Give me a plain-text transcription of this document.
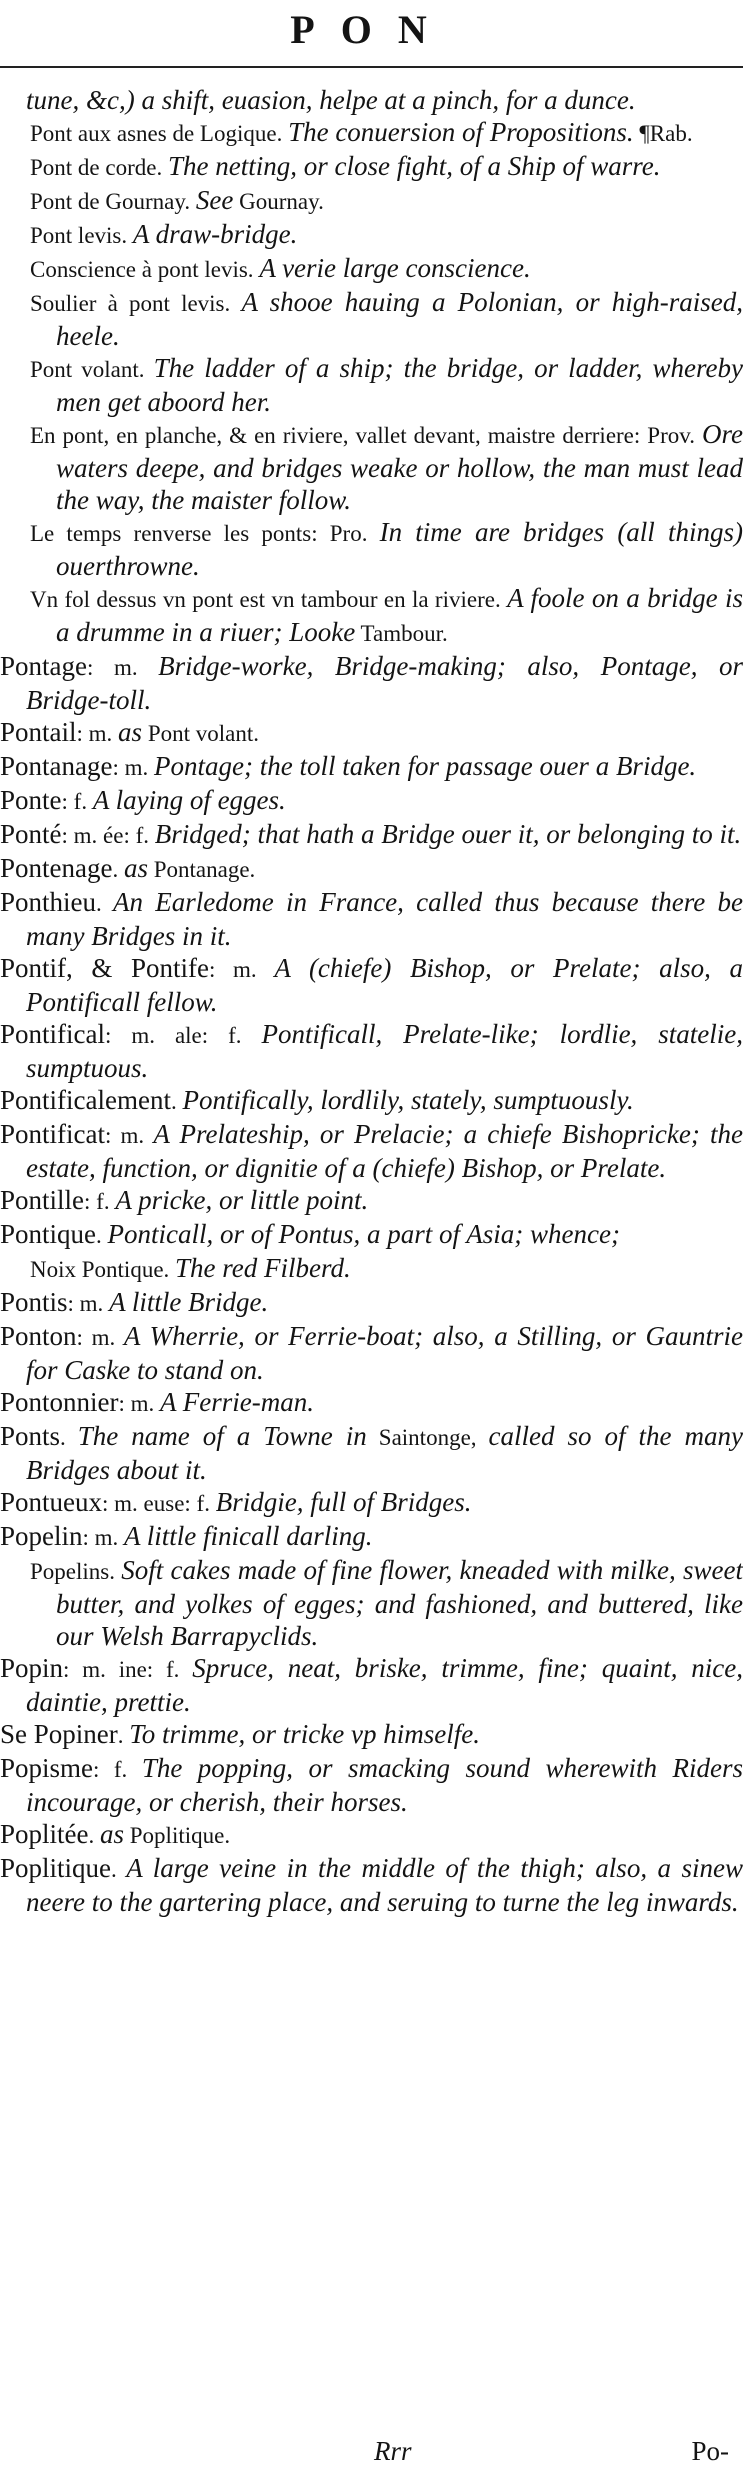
PON

tune, &c,) a shift, euasion, helpe at a pinch, for a dunce.

Pont aux asnes de Logique. The conuersion of Propositions. ¶Rab.

Pont de corde. The netting, or close fight, of a Ship of warre.

Pont de Gournay. See Gournay.

Pont levis. A draw-bridge.

Conscience à pont levis. A verie large conscience.

Soulier à pont levis. A shooe hauing a Polonian, or high-raised, heele.

Pont volant. The ladder of a ship; the bridge, or ladder, whereby men get aboord her.

En pont, en planche, & en riviere, vallet devant, maistre derriere: Prov. Ore waters deepe, and bridges weake or hollow, the man must lead the way, the maister follow.

Le temps renverse les ponts: Pro. In time are bridges (all things) ouerthrowne.

Vn fol dessus vn pont est vn tambour en la riviere. A foole on a bridge is a drumme in a riuer; Looke Tambour.

Pontage: m. Bridge-worke, Bridge-making; also, Pontage, or Bridge-toll.

Pontail: m. as Pont volant.

Pontanage: m. Pontage; the toll taken for passage ouer a Bridge.

Ponte: f. A laying of egges.

Ponté: m. ée: f. Bridged; that hath a Bridge ouer it, or belonging to it.

Pontenage. as Pontanage.

Ponthieu. An Earledome in France, called thus because there be many Bridges in it.

Pontif, & Pontife: m. A (chiefe) Bishop, or Prelate; also, a Pontificall fellow.

Pontifical: m. ale: f. Pontificall, Prelate-like; lordlie, statelie, sumptuous.

Pontificalement. Pontifically, lordlily, stately, sumptuously.

Pontificat: m. A Prelateship, or Prelacie; a chiefe Bishopricke; the estate, function, or dignitie of a (chiefe) Bishop, or Prelate.

Pontille: f. A pricke, or little point.

Pontique. Ponticall, or of Pontus, a part of Asia; whence;

Noix Pontique. The red Filberd.

Pontis: m. A little Bridge.

Ponton: m. A Wherrie, or Ferrie-boat; also, a Stilling, or Gauntrie for Caske to stand on.

Pontonnier: m. A Ferrie-man.

Ponts. The name of a Towne in Saintonge, called so of the many Bridges about it.

Pontueux: m. euse: f. Bridgie, full of Bridges.

Popelin: m. A little finicall darling.

Popelins. Soft cakes made of fine flower, kneaded with milke, sweet butter, and yolkes of egges; and fashioned, and buttered, like our Welsh Barrapyclids.

Popin: m. ine: f. Spruce, neat, briske, trimme, fine; quaint, nice, daintie, prettie.

Se Popiner. To trimme, or tricke vp himselfe.

Popisme: f. The popping, or smacking sound wherewith Riders incourage, or cherish, their horses.

Poplitée. as Poplitique.

Poplitique. A large veine in the middle of the thigh; also, a sinew neere to the gartering place, and seruing to turne the leg inwards.

Rrr	Po-
